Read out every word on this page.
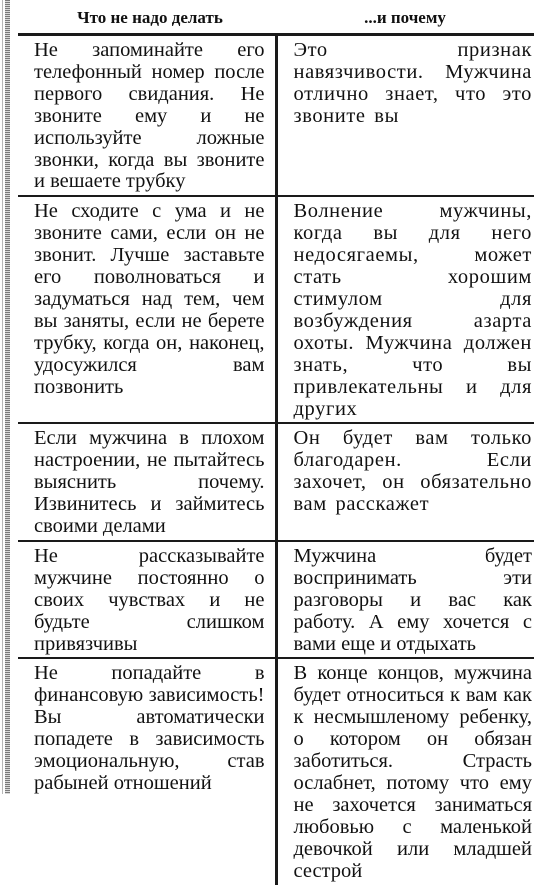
Что не надо делать	...и почему

Не запоминайте его телефонный номер после первого свидания. Не звоните ему и не используйте ложные звонки, когда вы звоните и вешаете трубку	Это признак навязчивости. Мужчина отлично знает, что это звоните вы

Не сходите с ума и не звоните сами, если он не звонит. Лучше заставьте его поволноваться и задуматься над тем, чем вы заняты, если не берете трубку, когда он, наконец, удосужился вам позвонить	Волнение мужчины, когда вы для него недосягаемы, может стать хорошим стимулом для возбуждения азарта охоты. Мужчина должен знать, что вы привлекательны и для других

Если мужчина в плохом настроении, не пытайтесь выяснить почему. Извинитесь и займитесь своими делами	Он будет вам только благодарен. Если захочет, он обязательно вам расскажет

Не рассказывайте мужчине постоянно о своих чувствах и не будьте слишком привязчивы	Мужчина будет воспринимать эти разговоры и вас как работу. А ему хочется с вами еще и отдыхать

Не попадайте в финансовую зависимость! Вы автоматически попадете в зависимость эмоциональную, став рабыней отношений	В конце концов, мужчина будет относиться к вам как к несмышленому ребенку, о котором он обязан заботиться. Страсть ослабнет, потому что ему не захочется заниматься любовью с маленькой девочкой или младшей сестрой
